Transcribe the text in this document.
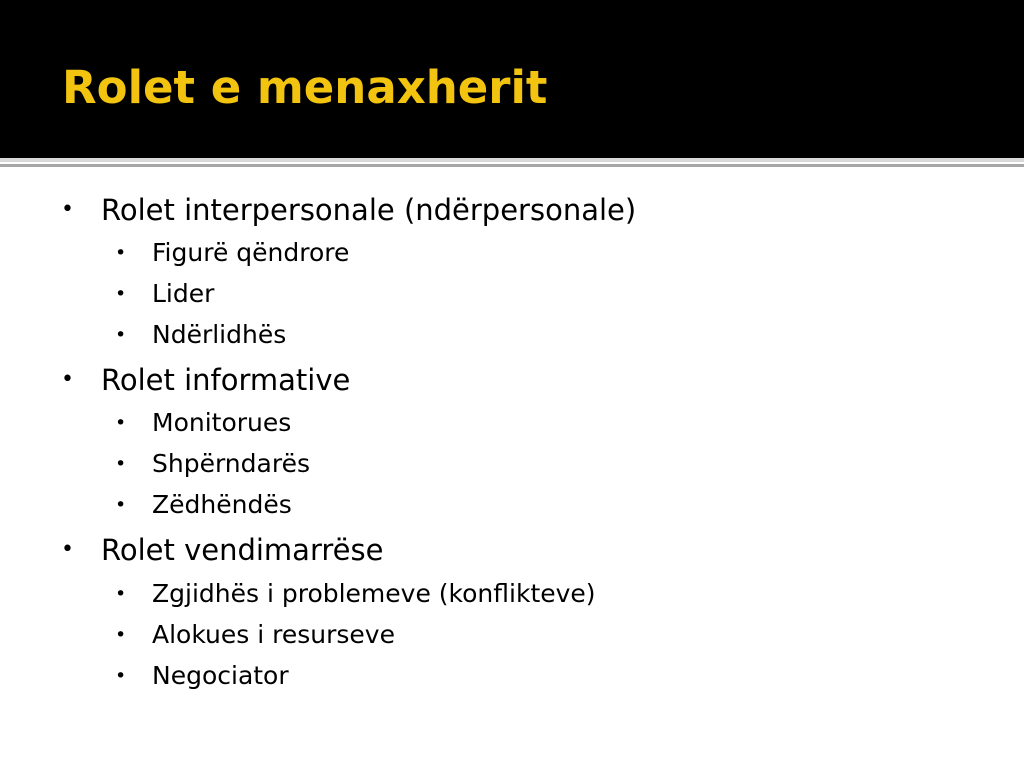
Rolet e menaxherit
• Rolet interpersonale (ndërpersonale)
• Figurë qëndrore
• Lider
• Ndërlidhës
• Rolet informative
• Monitorues
• Shpërndarës
• Zëdhëndës
• Rolet vendimarrëse
• Zgjidhës i problemeve (konflikteve)
• Alokues i resurseve
• Negociator
